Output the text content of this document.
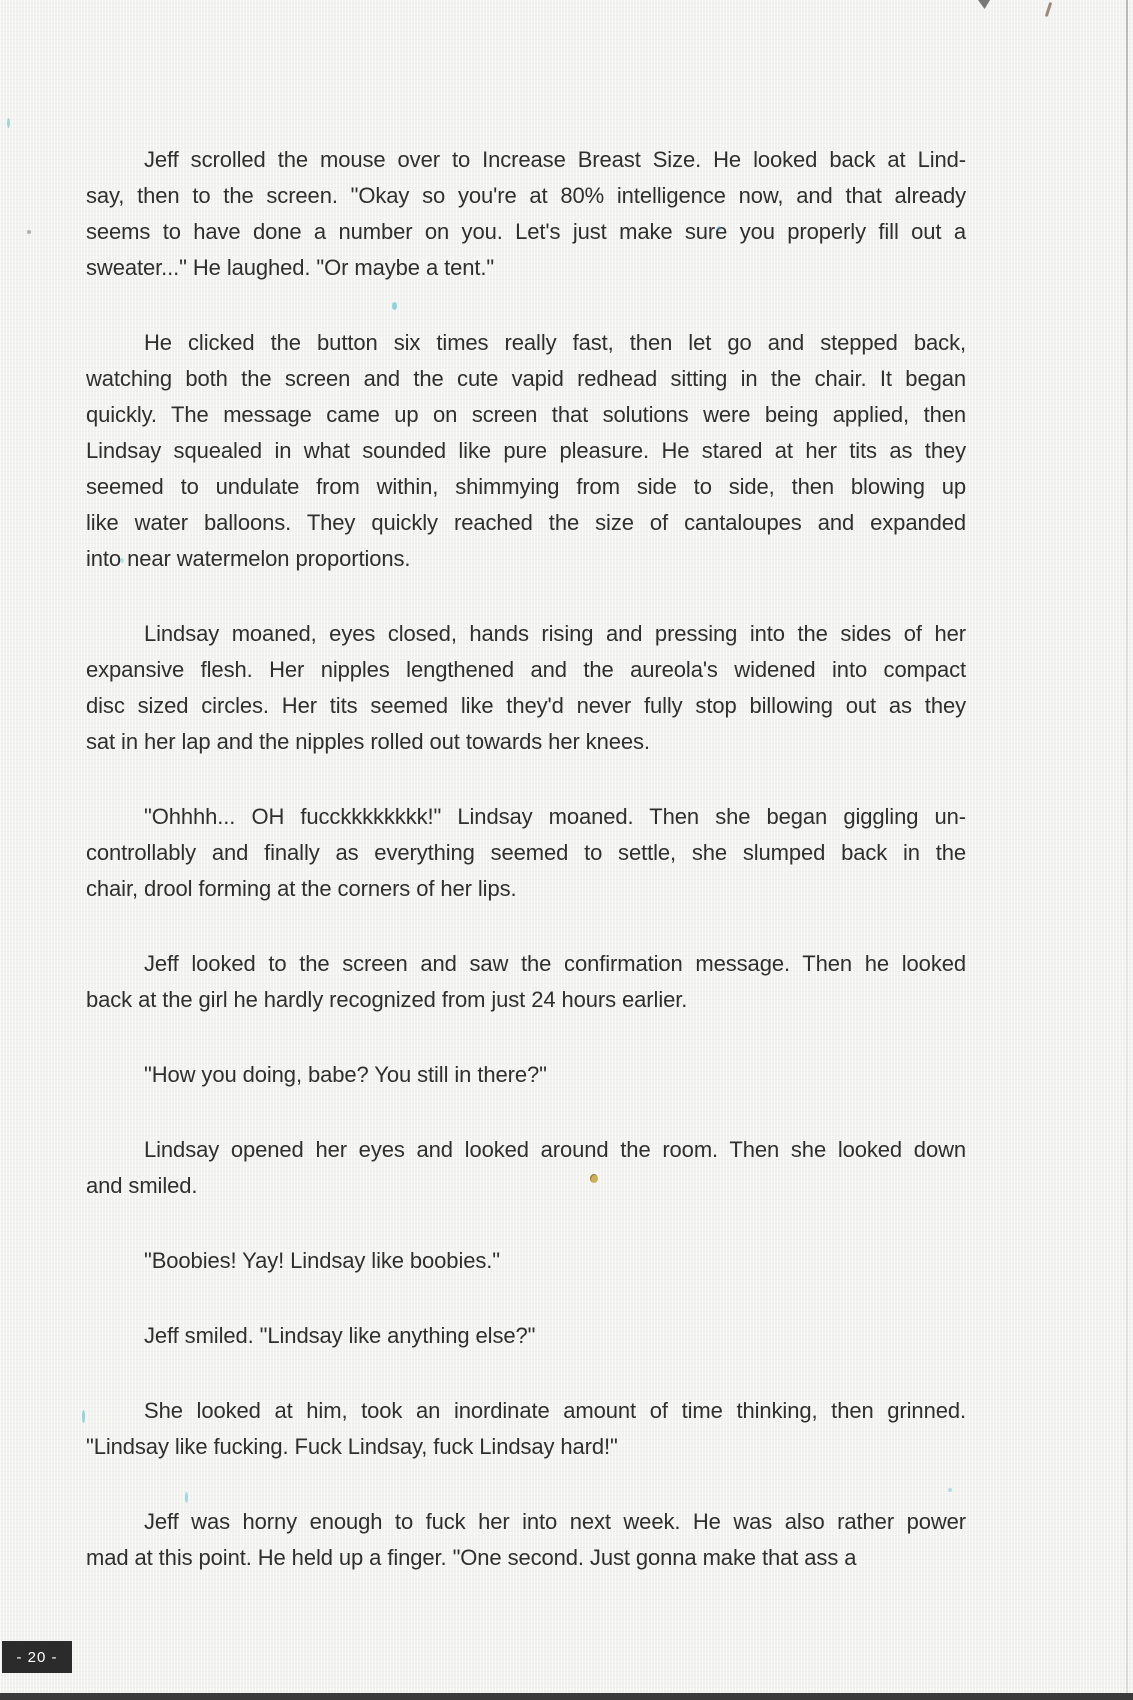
Jeff scrolled the mouse over to Increase Breast Size. He looked back at Lind-
say, then to the screen. "Okay so you're at 80% intelligence now, and that already
seems to have done a number on you. Let's just make sure you properly fill out a
sweater..." He laughed. "Or maybe a tent."
He clicked the button six times really fast, then let go and stepped back,
watching both the screen and the cute vapid redhead sitting in the chair. It began
quickly. The message came up on screen that solutions were being applied, then
Lindsay squealed in what sounded like pure pleasure. He stared at her tits as they
seemed to undulate from within, shimmying from side to side, then blowing up
like water balloons. They quickly reached the size of cantaloupes and expanded
into near watermelon proportions.
Lindsay moaned, eyes closed, hands rising and pressing into the sides of her
expansive flesh. Her nipples lengthened and the aureola's widened into compact
disc sized circles. Her tits seemed like they'd never fully stop billowing out as they
sat in her lap and the nipples rolled out towards her knees.
"Ohhhh... OH fucckkkkkkkk!" Lindsay moaned. Then she began giggling un-
controllably and finally as everything seemed to settle, she slumped back in the
chair, drool forming at the corners of her lips.
Jeff looked to the screen and saw the confirmation message. Then he looked
back at the girl he hardly recognized from just 24 hours earlier.
"How you doing, babe? You still in there?"
Lindsay opened her eyes and looked around the room. Then she looked down
and smiled.
"Boobies! Yay! Lindsay like boobies."
Jeff smiled. "Lindsay like anything else?"
She looked at him, took an inordinate amount of time thinking, then grinned.
"Lindsay like fucking. Fuck Lindsay, fuck Lindsay hard!"
Jeff was horny enough to fuck her into next week. He was also rather power
mad at this point. He held up a finger. "One second. Just gonna make that ass a
- 20 -
